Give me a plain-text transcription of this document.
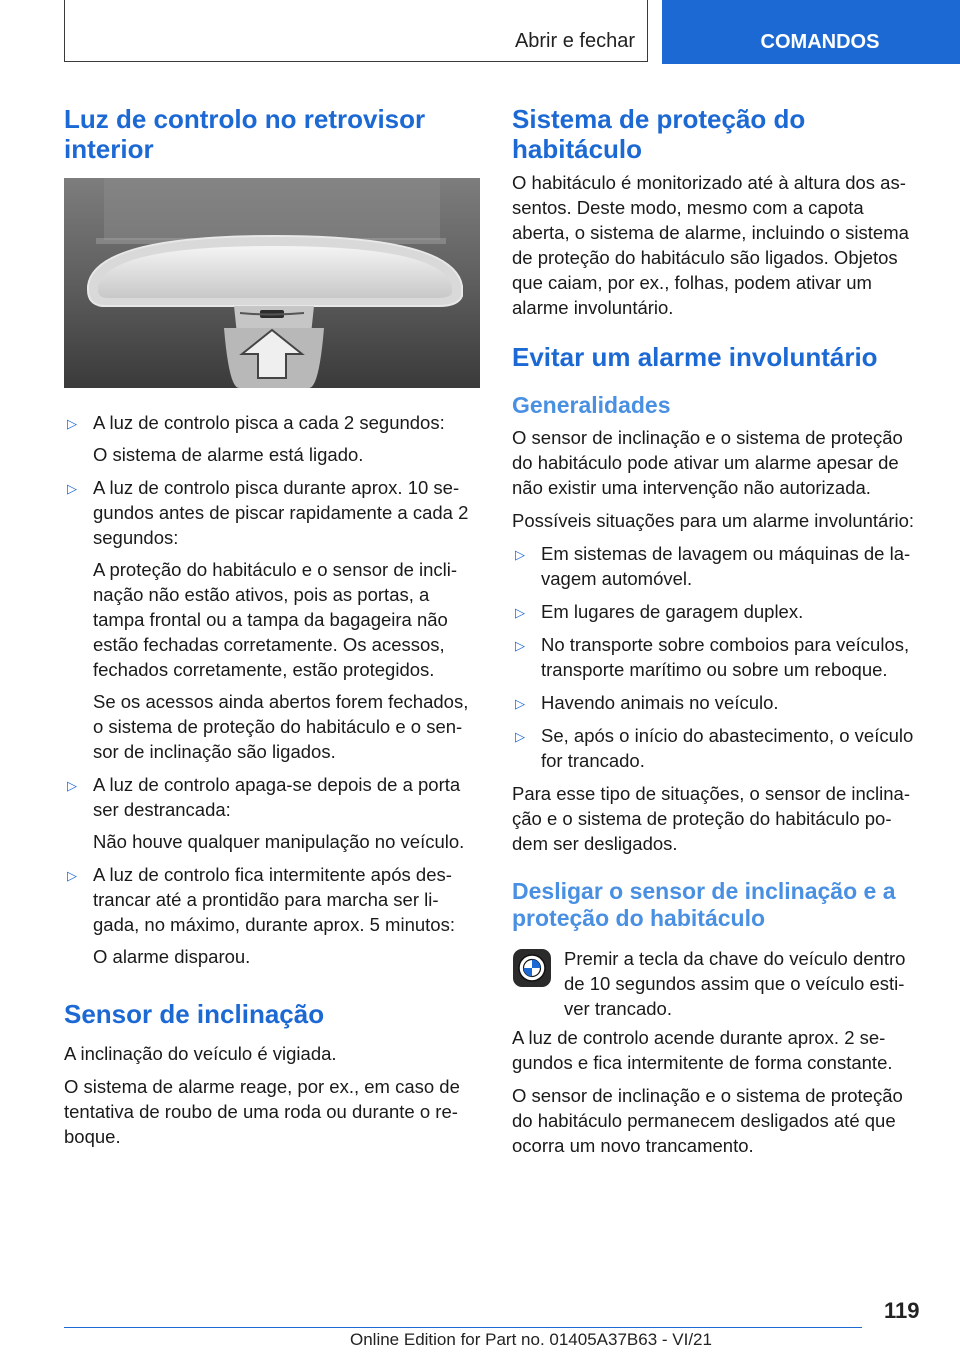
Abrir e fechar	COMANDOS
Luz de controlo no retrovisor interior
▷ A luz de controlo pisca a cada 2 segundos:
O sistema de alarme está ligado.
▷ A luz de controlo pisca durante aprox. 10 se-gundos antes de piscar rapidamente a cada 2 segundos:
A proteção do habitáculo e o sensor de incli-nação não estão ativos, pois as portas, a tampa frontal ou a tampa da bagageira não estão fechadas corretamente. Os acessos, fechados corretamente, estão protegidos.
Se os acessos ainda abertos forem fechados, o sistema de proteção do habitáculo e o sen-sor de inclinação são ligados.
▷ A luz de controlo apaga-se depois de a porta ser destrancada:
Não houve qualquer manipulação no veículo.
▷ A luz de controlo fica intermitente após des-trancar até a prontidão para marcha ser li-gada, no máximo, durante aprox. 5 minutos:
O alarme disparou.
Sensor de inclinação

A inclinação do veículo é vigiada.

O sistema de alarme reage, por ex., em caso de tentativa de roubo de uma roda ou durante o re-boque.

Sistema de proteção do habitáculo

O habitáculo é monitorizado até à altura dos as-sentos. Deste modo, mesmo com a capota aberta, o sistema de alarme, incluindo o sistema de proteção do habitáculo são ligados. Objetos que caiam, por ex., folhas, podem ativar um alarme involuntário.

Evitar um alarme involuntário
Generalidades

O sensor de inclinação e o sistema de proteção do habitáculo pode ativar um alarme apesar de não existir uma intervenção não autorizada.

Possíveis situações para um alarme involuntário:

▷ Em sistemas de lavagem ou máquinas de la-vagem automóvel.
▷ Em lugares de garagem duplex.
▷ No transporte sobre comboios para veículos, transporte marítimo ou sobre um reboque.
▷ Havendo animais no veículo.
▷ Se, após o início do abastecimento, o veículo for trancado.

Para esse tipo de situações, o sensor de inclina-ção e o sistema de proteção do habitáculo po-dem ser desligados.

Desligar o sensor de inclinação e a proteção do habitáculo
Premir a tecla da chave do veículo dentro de 10 segundos assim que o veículo esti-ver trancado.

A luz de controlo acende durante aprox. 2 se-gundos e fica intermitente de forma constante.

O sensor de inclinação e o sistema de proteção do habitáculo permanecem desligados até que ocorra um novo trancamento.

119
Online Edition for Part no. 01405A37B63 - VI/21
